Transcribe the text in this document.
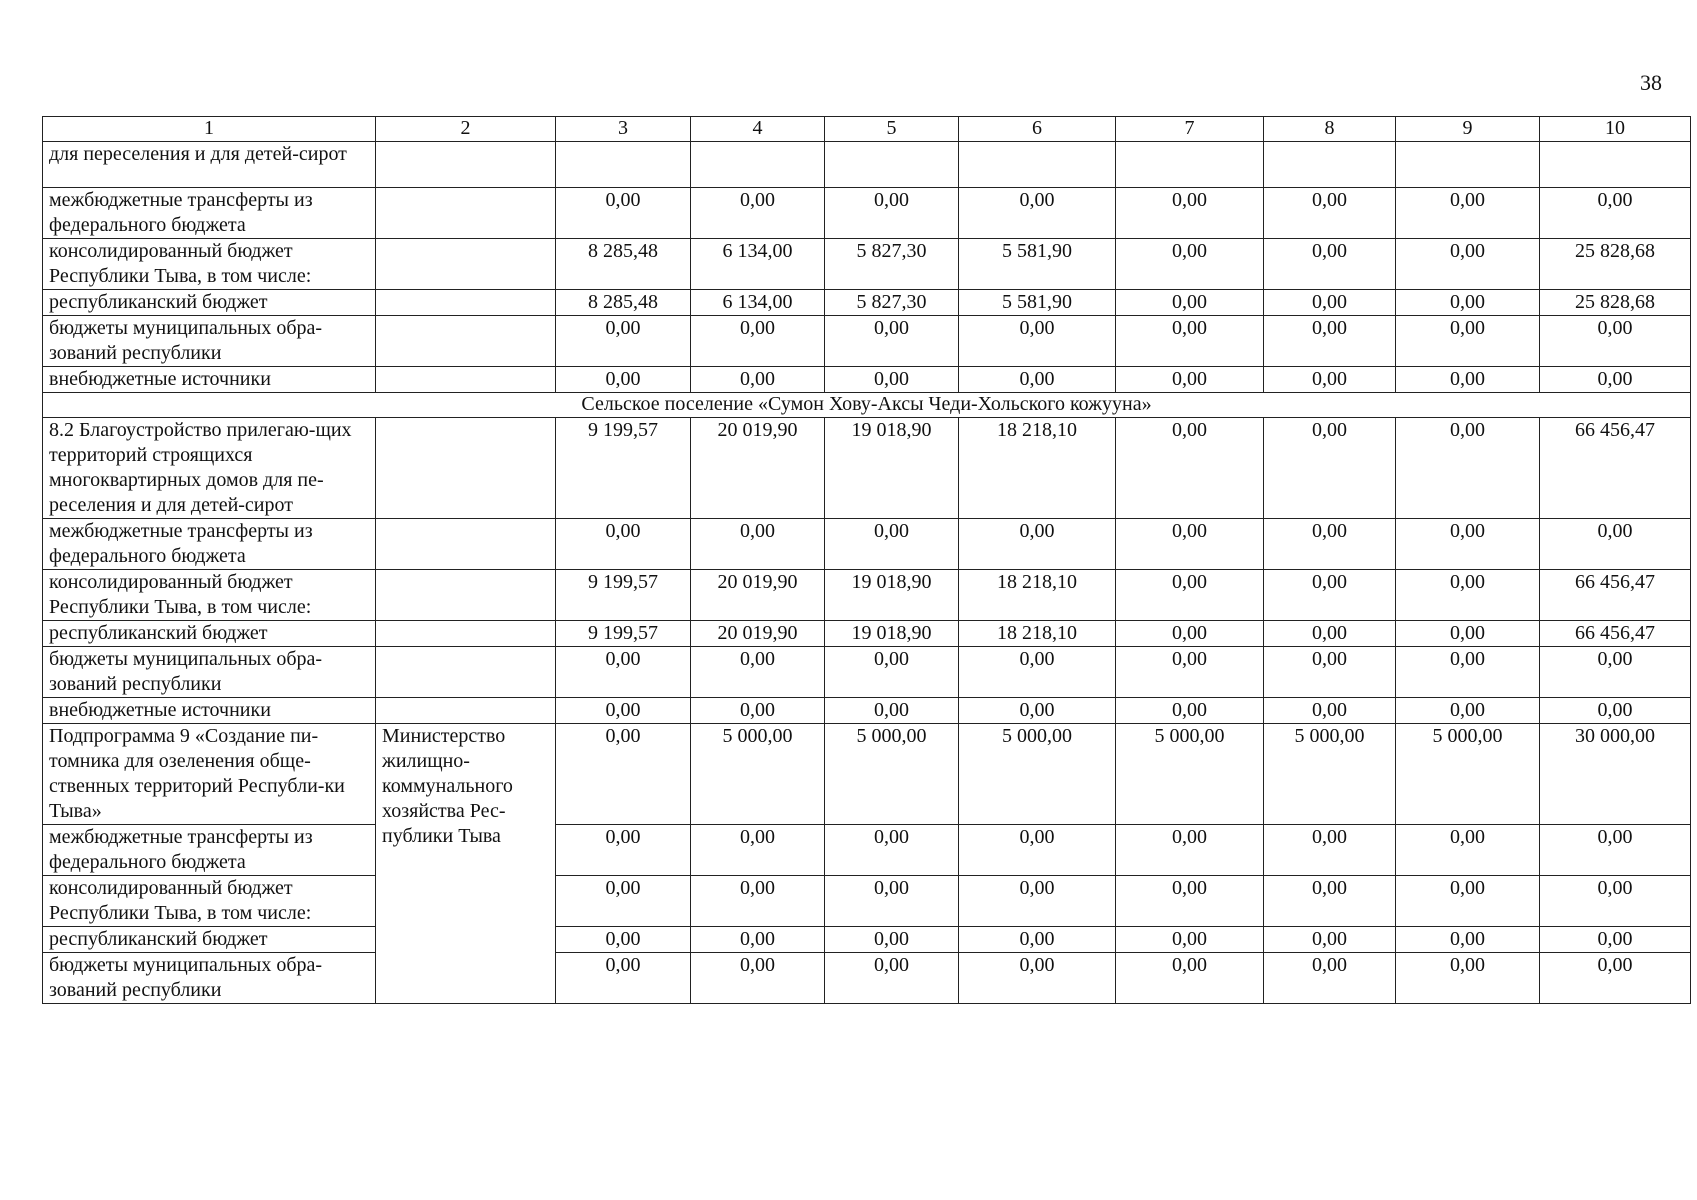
38
1	2	3	4	5	6	7	8	9	10
для переселения и для детей-сирот									
межбюджетные трансферты из федерального бюджета		0,00	0,00	0,00	0,00	0,00	0,00	0,00	0,00
консолидированный бюджет Республики Тыва, в том числе:		8 285,48	6 134,00	5 827,30	5 581,90	0,00	0,00	0,00	25 828,68
республиканский бюджет		8 285,48	6 134,00	5 827,30	5 581,90	0,00	0,00	0,00	25 828,68
бюджеты муниципальных обра-зований республики		0,00	0,00	0,00	0,00	0,00	0,00	0,00	0,00
внебюджетные источники		0,00	0,00	0,00	0,00	0,00	0,00	0,00	0,00
Сельское поселение «Сумон Хову-Аксы Чеди-Хольского кожууна»									
8.2 Благоустройство прилегаю-щих территорий строящихся многоквартирных домов для пе-реселения и для детей-сирот		9 199,57	20 019,90	19 018,90	18 218,10	0,00	0,00	0,00	66 456,47
межбюджетные трансферты из федерального бюджета		0,00	0,00	0,00	0,00	0,00	0,00	0,00	0,00
консолидированный бюджет Республики Тыва, в том числе:		9 199,57	20 019,90	19 018,90	18 218,10	0,00	0,00	0,00	66 456,47
республиканский бюджет		9 199,57	20 019,90	19 018,90	18 218,10	0,00	0,00	0,00	66 456,47
бюджеты муниципальных обра-зований республики		0,00	0,00	0,00	0,00	0,00	0,00	0,00	0,00
внебюджетные источники		0,00	0,00	0,00	0,00	0,00	0,00	0,00	0,00
Подпрограмма 9 «Создание пи-томника для озеленения обще-ственных территорий Республи-ки Тыва»	Министерство жилищно-коммунального хозяйства Рес-публики Тыва	0,00	5 000,00	5 000,00	5 000,00	5 000,00	5 000,00	5 000,00	30 000,00
межбюджетные трансферты из федерального бюджета		0,00	0,00	0,00	0,00	0,00	0,00	0,00	0,00
консолидированный бюджет Республики Тыва, в том числе:		0,00	0,00	0,00	0,00	0,00	0,00	0,00	0,00
республиканский бюджет		0,00	0,00	0,00	0,00	0,00	0,00	0,00	0,00
бюджеты муниципальных обра-зований республики		0,00	0,00	0,00	0,00	0,00	0,00	0,00	0,00
